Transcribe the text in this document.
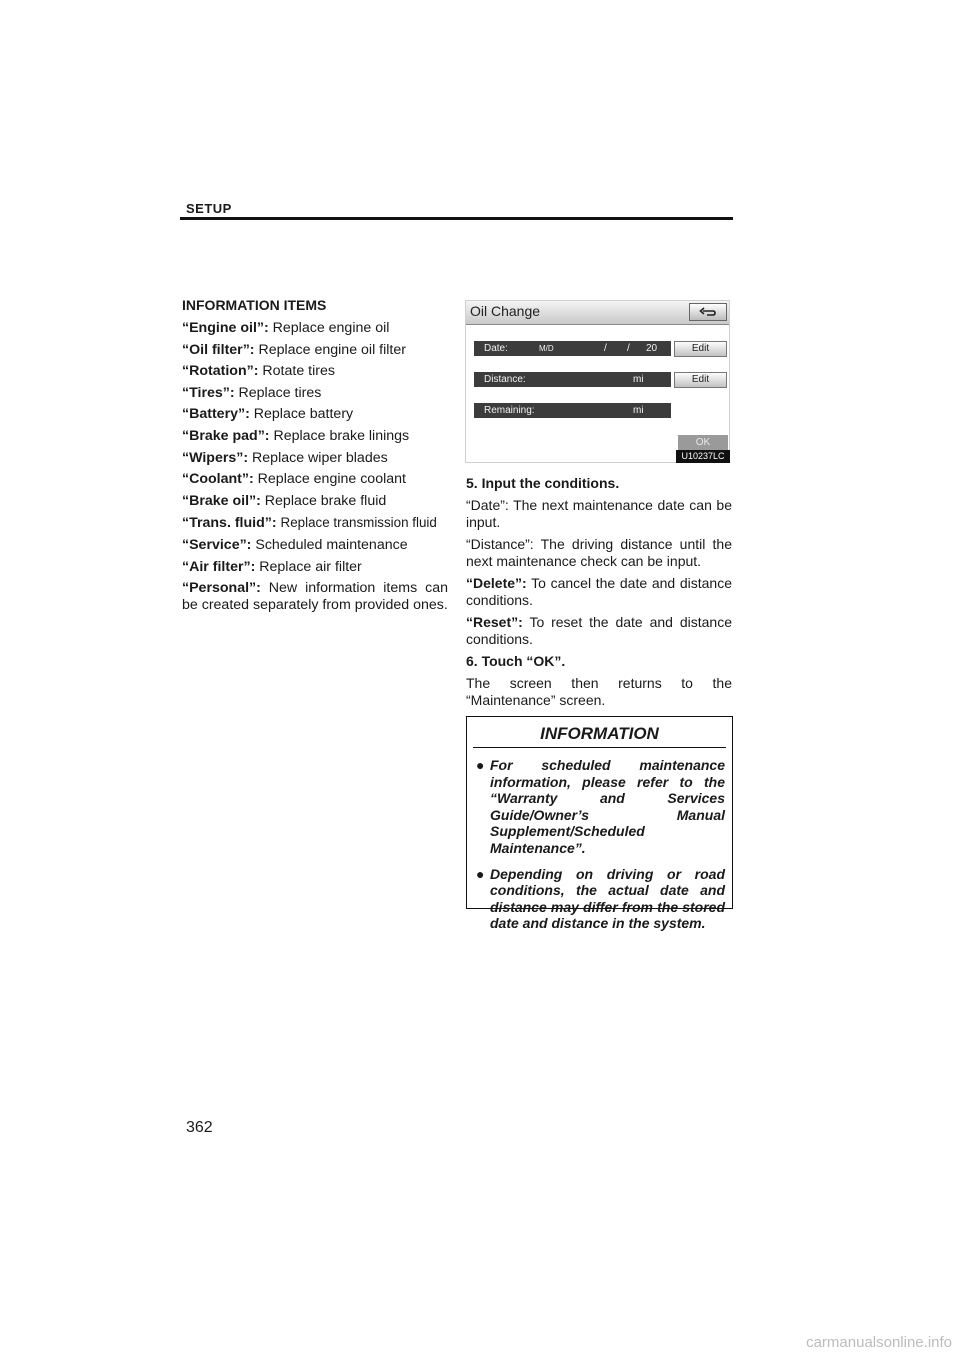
SETUP
INFORMATION ITEMS
“Engine oil”: Replace engine oil
“Oil filter”: Replace engine oil filter
“Rotation”: Rotate tires
“Tires”: Replace tires
“Battery”: Replace battery
“Brake pad”: Replace brake linings
“Wipers”: Replace wiper blades
“Coolant”: Replace engine coolant
“Brake oil”: Replace brake fluid
“Trans. fluid”: Replace transmission fluid
“Service”: Scheduled maintenance
“Air filter”: Replace air filter
“Personal”: New information items can be created separately from provided ones.
Oil Change
Date:	M/D	/ / 20	Edit
Distance:	mi	Edit
Remaining:	mi
OK
U10237LC
5. Input the conditions.
“Date”: The next maintenance date can be input.
“Distance”: The driving distance until the next maintenance check can be input.
“Delete”: To cancel the date and distance conditions.
“Reset”: To reset the date and distance conditions.
6. Touch “OK”.
The screen then returns to the “Maintenance” screen.
INFORMATION
● For scheduled maintenance information, please refer to the “Warranty and Services Guide/Owner’s Manual Supplement/Scheduled Maintenance”.
● Depending on driving or road conditions, the actual date and distance may differ from the stored date and distance in the system.
362
carmanualsonline.info
